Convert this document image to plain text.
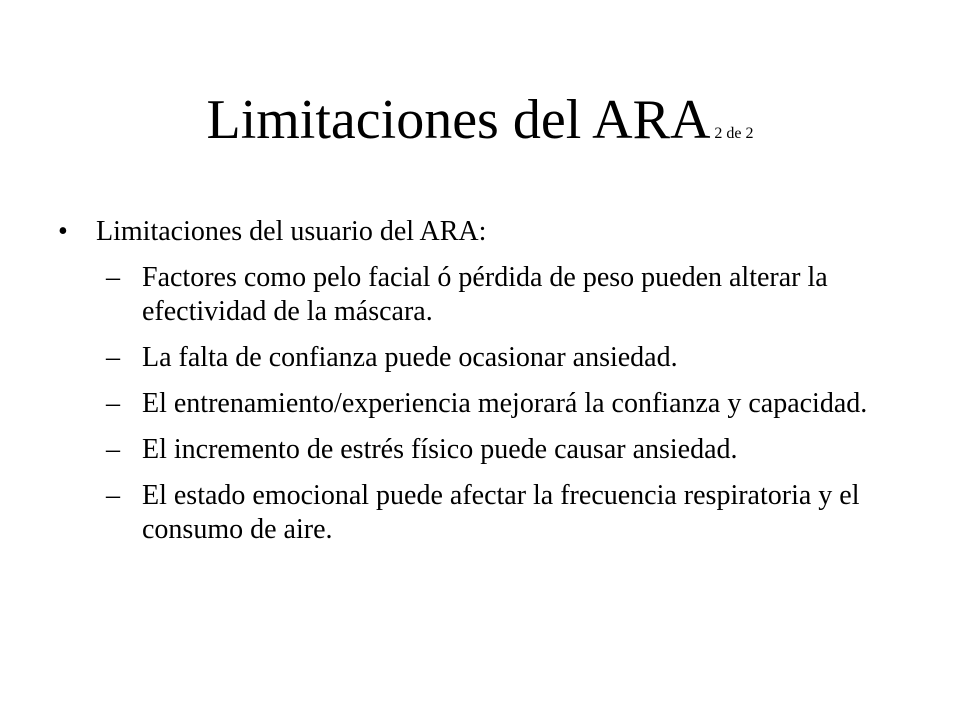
Limitaciones del ARA 2 de 2
• Limitaciones del usuario del ARA:
– Factores como pelo facial ó pérdida de peso pueden alterar la efectividad de la máscara.
– La falta de confianza puede ocasionar ansiedad.
– El entrenamiento/experiencia mejorará la confianza y capacidad.
– El incremento de estrés físico puede causar ansiedad.
– El estado emocional puede afectar la frecuencia respiratoria y el consumo de aire.
